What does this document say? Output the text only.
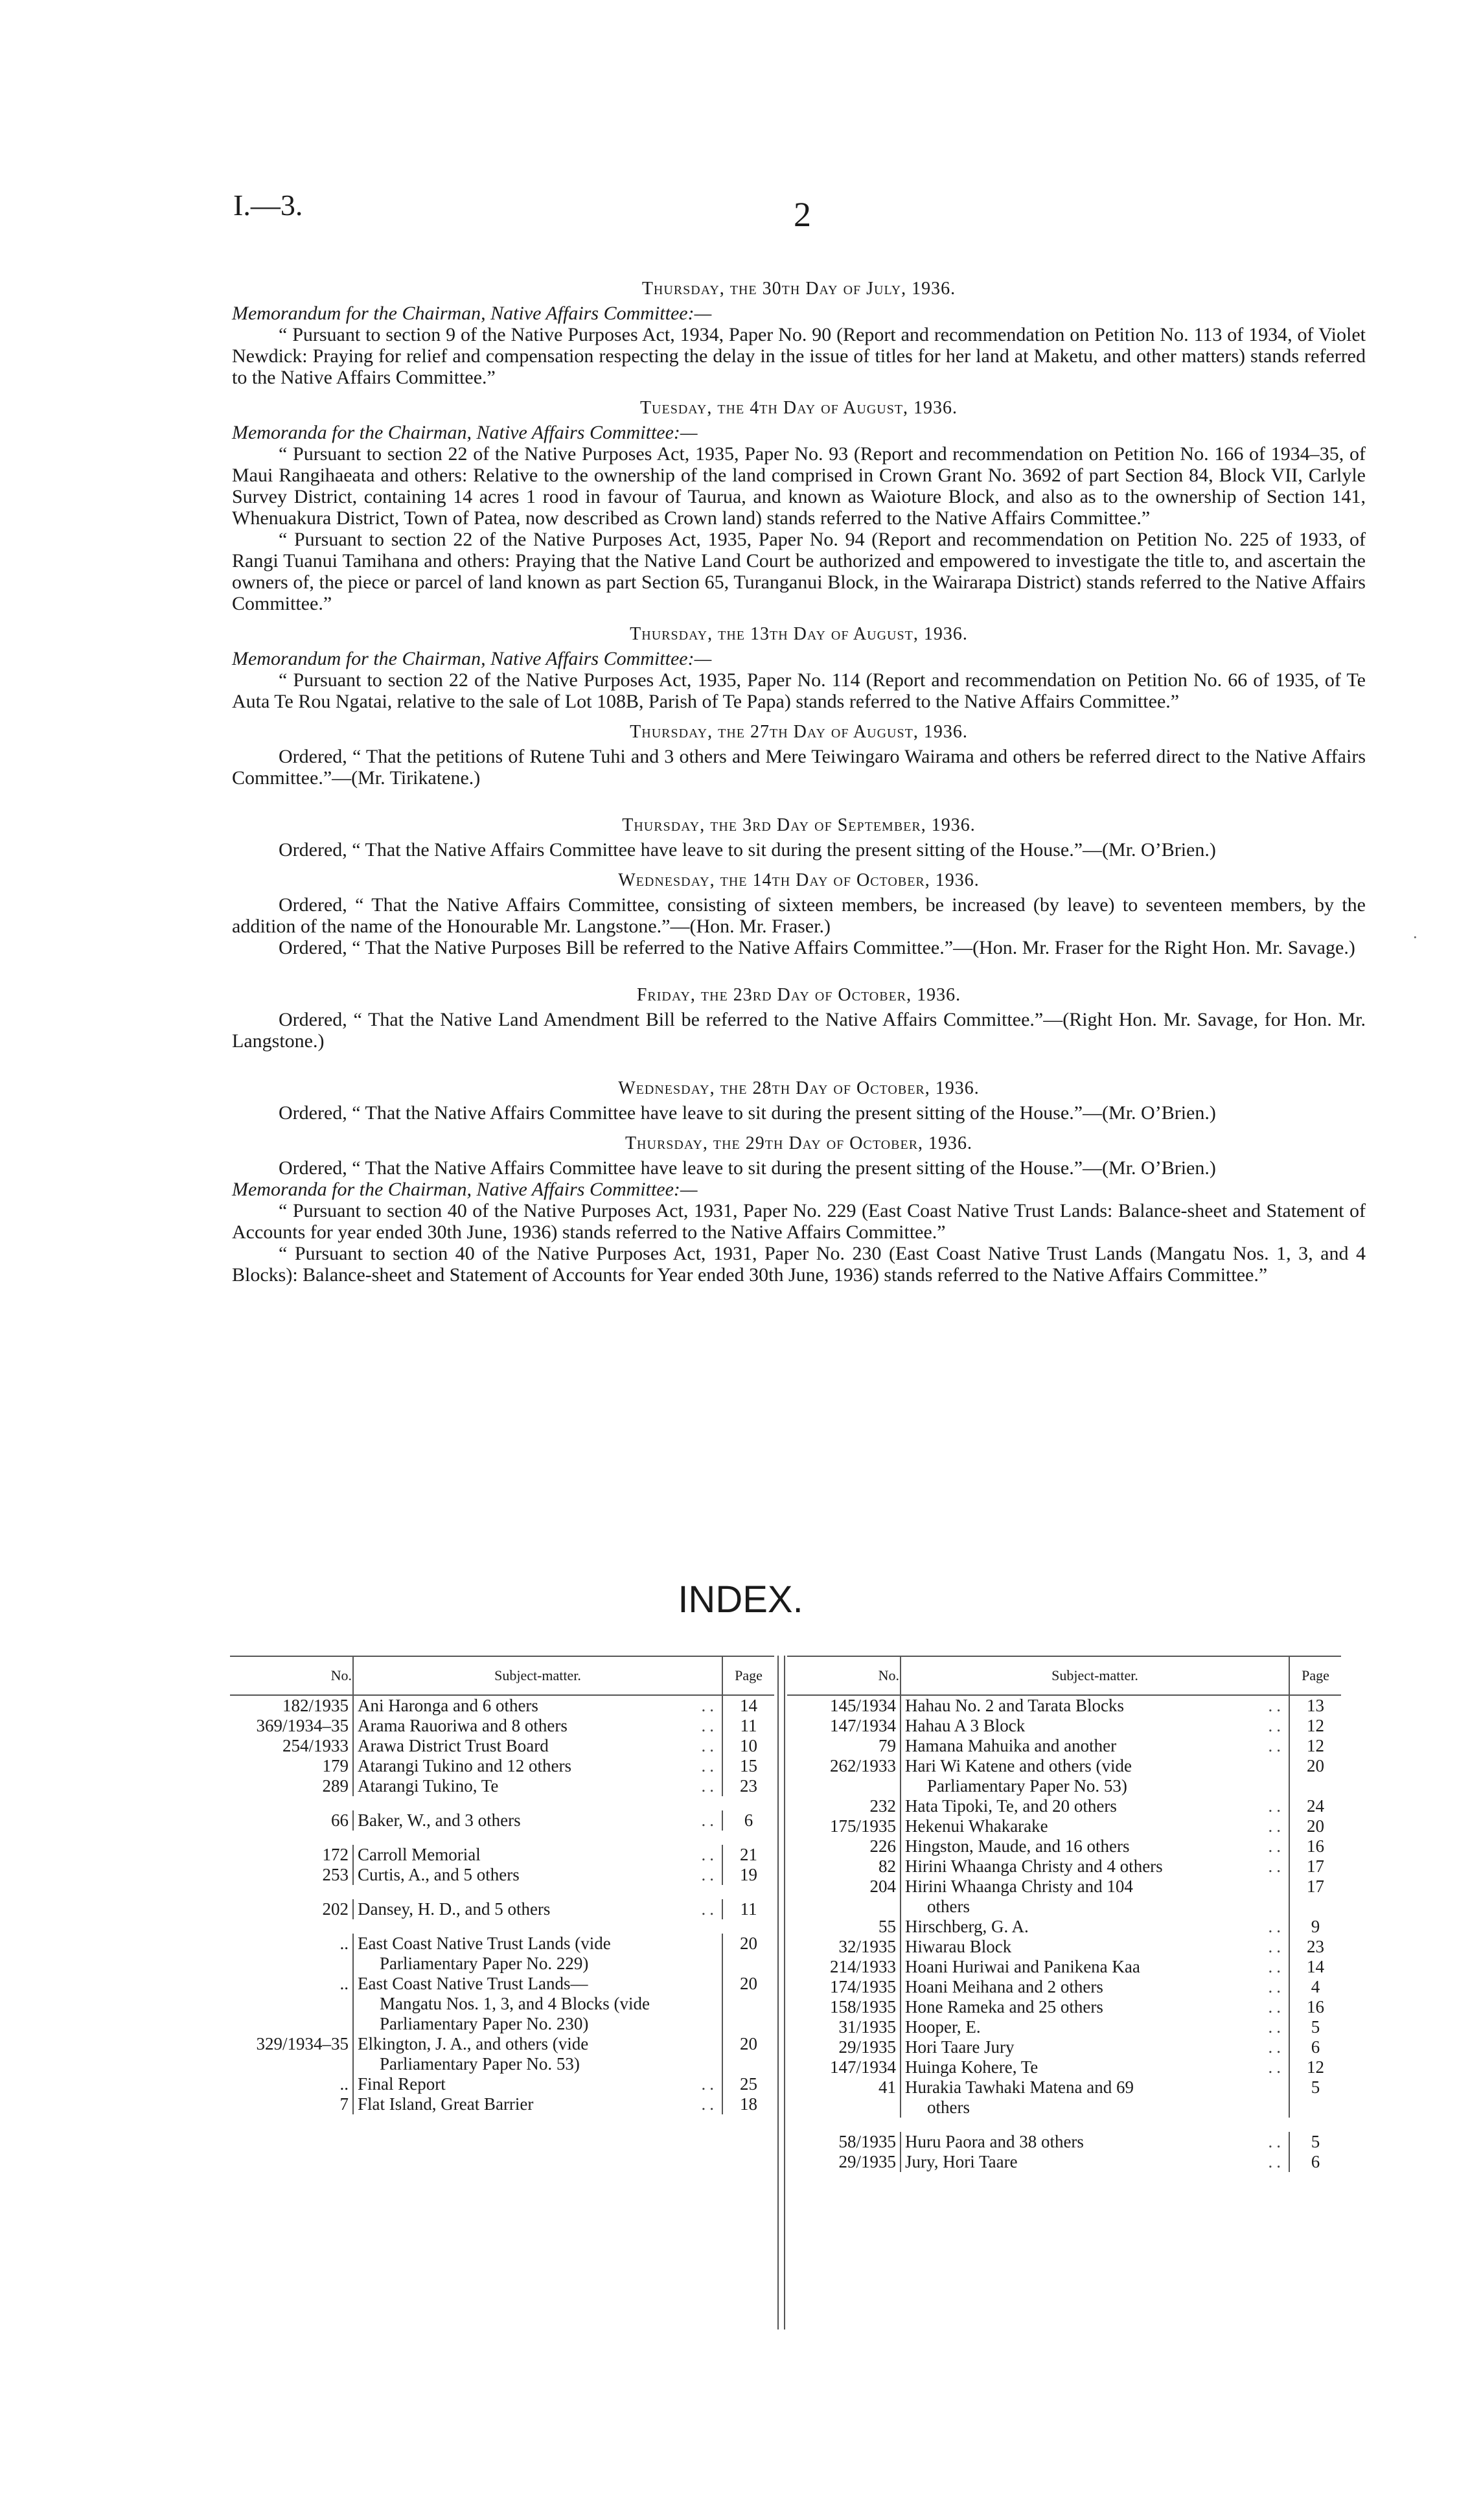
I.—3.	2
·
Thursday, the 30th Day of July, 1936.

Memorandum for the Chairman, Native Affairs Committee:—

“ Pursuant to section 9 of the Native Purposes Act, 1934, Paper No. 90 (Report and recommendation on Petition No. 113 of 1934, of Violet Newdick: Praying for relief and compensation respecting the delay in the issue of titles for her land at Maketu, and other matters) stands referred to the Native Affairs Committee.”

Tuesday, the 4th Day of August, 1936.

Memoranda for the Chairman, Native Affairs Committee:—

“ Pursuant to section 22 of the Native Purposes Act, 1935, Paper No. 93 (Report and recommendation on Petition No. 166 of 1934–35, of Maui Rangihaeata and others: Relative to the ownership of the land comprised in Crown Grant No. 3692 of part Section 84, Block VII, Carlyle Survey District, containing 14 acres 1 rood in favour of Taurua, and known as Waioture Block, and also as to the ownership of Section 141, Whenuakura District, Town of Patea, now described as Crown land) stands referred to the Native Affairs Committee.”

“ Pursuant to section 22 of the Native Purposes Act, 1935, Paper No. 94 (Report and recommendation on Petition No. 225 of 1933, of Rangi Tuanui Tamihana and others: Praying that the Native Land Court be authorized and empowered to investigate the title to, and ascertain the owners of, the piece or parcel of land known as part Section 65, Turanganui Block, in the Wairarapa District) stands referred to the Native Affairs Committee.”

Thursday, the 13th Day of August, 1936.

Memorandum for the Chairman, Native Affairs Committee:—

“ Pursuant to section 22 of the Native Purposes Act, 1935, Paper No. 114 (Report and recommendation on Petition No. 66 of 1935, of Te Auta Te Rou Ngatai, relative to the sale of Lot 108B, Parish of Te Papa) stands referred to the Native Affairs Committee.”

Thursday, the 27th Day of August, 1936.

Ordered, “ That the petitions of Rutene Tuhi and 3 others and Mere Teiwingaro Wairama and others be referred direct to the Native Affairs Committee.”—(Mr. Tirikatene.)

Thursday, the 3rd Day of September, 1936.

Ordered, “ That the Native Affairs Committee have leave to sit during the present sitting of the House.”—(Mr. O’Brien.)

Wednesday, the 14th Day of October, 1936.

Ordered, “ That the Native Affairs Committee, consisting of sixteen members, be increased (by leave) to seventeen members, by the addition of the name of the Honourable Mr. Langstone.”—(Hon. Mr. Fraser.)

Ordered, “ That the Native Purposes Bill be referred to the Native Affairs Committee.”—(Hon. Mr. Fraser for the Right Hon. Mr. Savage.)

Friday, the 23rd Day of October, 1936.

Ordered, “ That the Native Land Amendment Bill be referred to the Native Affairs Committee.”—(Right Hon. Mr. Savage, for Hon. Mr. Langstone.)

Wednesday, the 28th Day of October, 1936.

Ordered, “ That the Native Affairs Committee have leave to sit during the present sitting of the House.”—(Mr. O’Brien.)

Thursday, the 29th Day of October, 1936.

Ordered, “ That the Native Affairs Committee have leave to sit during the present sitting of the House.”—(Mr. O’Brien.)

Memoranda for the Chairman, Native Affairs Committee:—

“ Pursuant to section 40 of the Native Purposes Act, 1931, Paper No. 229 (East Coast Native Trust Lands: Balance-sheet and Statement of Accounts for year ended 30th June, 1936) stands referred to the Native Affairs Committee.”

“ Pursuant to section 40 of the Native Purposes Act, 1931, Paper No. 230 (East Coast Native Trust Lands (Mangatu Nos. 1, 3, and 4 Blocks): Balance-sheet and Statement of Accounts for Year ended 30th June, 1936) stands referred to the Native Affairs Committee.”

INDEX.
No.	Subject-matter.	Page
182/1935	Ani Haronga and 6 others ..	14
369/1934–35	Arama Rauoriwa and 8 others ..	11
254/1933	Arawa District Trust Board ..	10
179	Atarangi Tukino and 12 others ..	15
289	Atarangi Tukino, Te ..	23

66	Baker, W., and 3 others ..	6

172	Carroll Memorial ..	21
253	Curtis, A., and 5 others ..	19

202	Dansey, H. D., and 5 others ..	11

..	East Coast Native Trust Lands (vide
Parliamentary Paper No. 229)	20
..	East Coast Native Trust Lands—
Mangatu Nos. 1, 3, and 4 Blocks (vide Parliamentary Paper No. 230)	20
329/1934–35	Elkington, J. A., and others (vide
Parliamentary Paper No. 53)	20
..	Final Report ..	25
7	Flat Island, Great Barrier ..	18
No.	Subject-matter.	Page
145/1934	Hahau No. 2 and Tarata Blocks ..	13
147/1934	Hahau A 3 Block ..	12
79	Hamana Mahuika and another ..	12
262/1933	Hari Wi Katene and others (vide
Parliamentary Paper No. 53)	20
232	Hata Tipoki, Te, and 20 others ..	24
175/1935	Hekenui Whakarake ..	20
226	Hingston, Maude, and 16 others ..	16
82	Hirini Whaanga Christy and 4 others ..	17
204	Hirini Whaanga Christy and 104
others	17
55	Hirschberg, G. A. ..	9
32/1935	Hiwarau Block ..	23
214/1933	Hoani Huriwai and Panikena Kaa ..	14
174/1935	Hoani Meihana and 2 others ..	4
158/1935	Hone Rameka and 25 others ..	16
31/1935	Hooper, E. ..	5
29/1935	Hori Taare Jury ..	6
147/1934	Huinga Kohere, Te ..	12
41	Hurakia Tawhaki Matena and 69
others	5

58/1935	Huru Paora and 38 others ..	5
29/1935	Jury, Hori Taare ..	6
